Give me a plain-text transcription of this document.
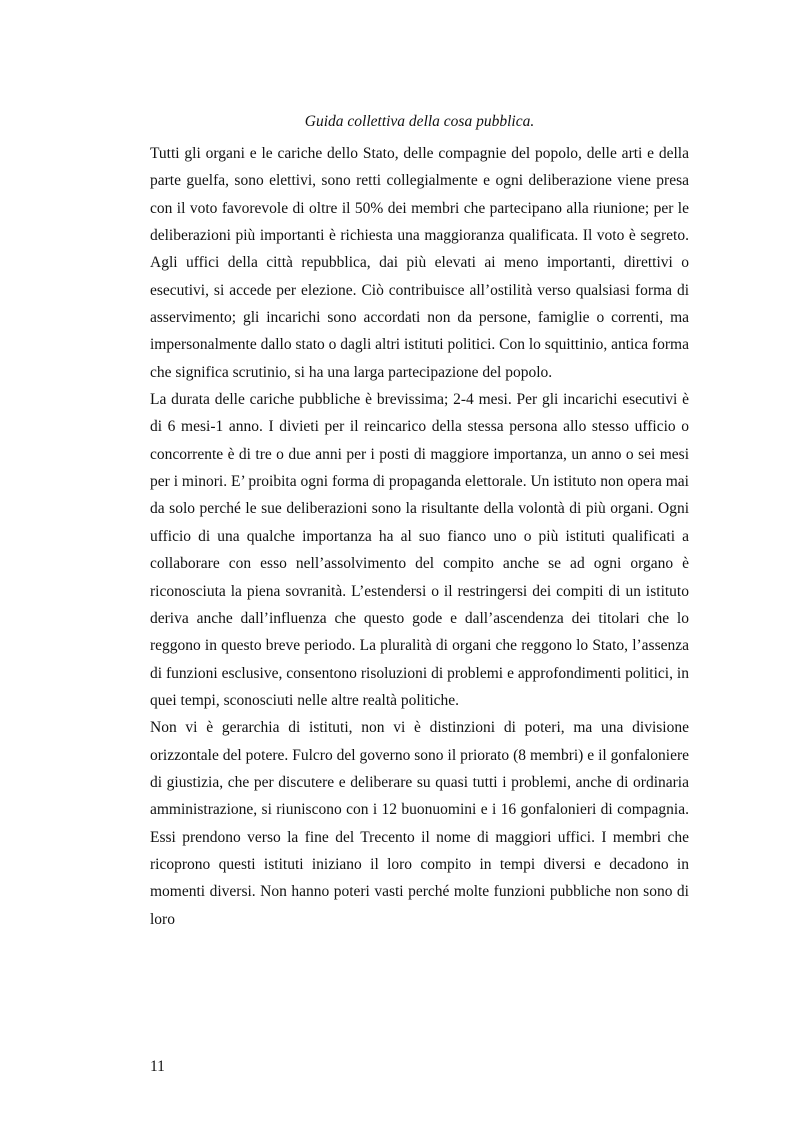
Guida collettiva della cosa pubblica.

Tutti gli organi e le cariche dello Stato, delle compagnie del popolo, delle arti e della parte guelfa, sono elettivi, sono retti collegialmente e ogni deliberazione viene presa con il voto favorevole di oltre il 50% dei membri che partecipano alla riunione; per le deliberazioni più importanti è richiesta una maggioranza qualificata. Il voto è segreto. Agli uffici della città repubblica, dai più elevati ai meno importanti, direttivi o esecutivi, si accede per elezione. Ciò contribuisce all’ostilità verso qualsiasi forma di asservimento; gli incarichi sono accordati non da persone, famiglie o correnti, ma impersonalmente dallo stato o dagli altri istituti politici. Con lo squittinio, antica forma che significa scrutinio, si ha una larga partecipazione del popolo.

La durata delle cariche pubbliche è brevissima; 2-4 mesi. Per gli incarichi esecutivi è di 6 mesi-1 anno. I divieti per il reincarico della stessa persona allo stesso ufficio o concorrente è di tre o due anni per i posti di maggiore importanza, un anno o sei mesi per i minori. E’ proibita ogni forma di propaganda elettorale. Un istituto non opera mai da solo perché le sue deliberazioni sono la risultante della volontà di più organi. Ogni ufficio di una qualche importanza ha al suo fianco uno o più istituti qualificati a collaborare con esso nell’assolvimento del compito anche se ad ogni organo è riconosciuta la piena sovranità. L’estendersi o il restringersi dei compiti di un istituto deriva anche dall’influenza che questo gode e dall’ascendenza dei titolari che lo reggono in questo breve periodo. La pluralità di organi che reggono lo Stato, l’assenza di funzioni esclusive, consentono risoluzioni di problemi e approfondimenti politici, in quei tempi, sconosciuti nelle altre realtà politiche.

Non vi è gerarchia di istituti, non vi è distinzioni di poteri, ma una divisione orizzontale del potere. Fulcro del governo sono il priorato (8 membri) e il gonfaloniere di giustizia, che per discutere e deliberare su quasi tutti i problemi, anche di ordinaria amministrazione, si riuniscono con i 12 buonuomini e i 16 gonfalonieri di compagnia. Essi prendono verso la fine del Trecento il nome di maggiori uffici. I membri che ricoprono questi istituti iniziano il loro compito in tempi diversi e decadono in momenti diversi. Non hanno poteri vasti perché molte funzioni pubbliche non sono di loro

11
